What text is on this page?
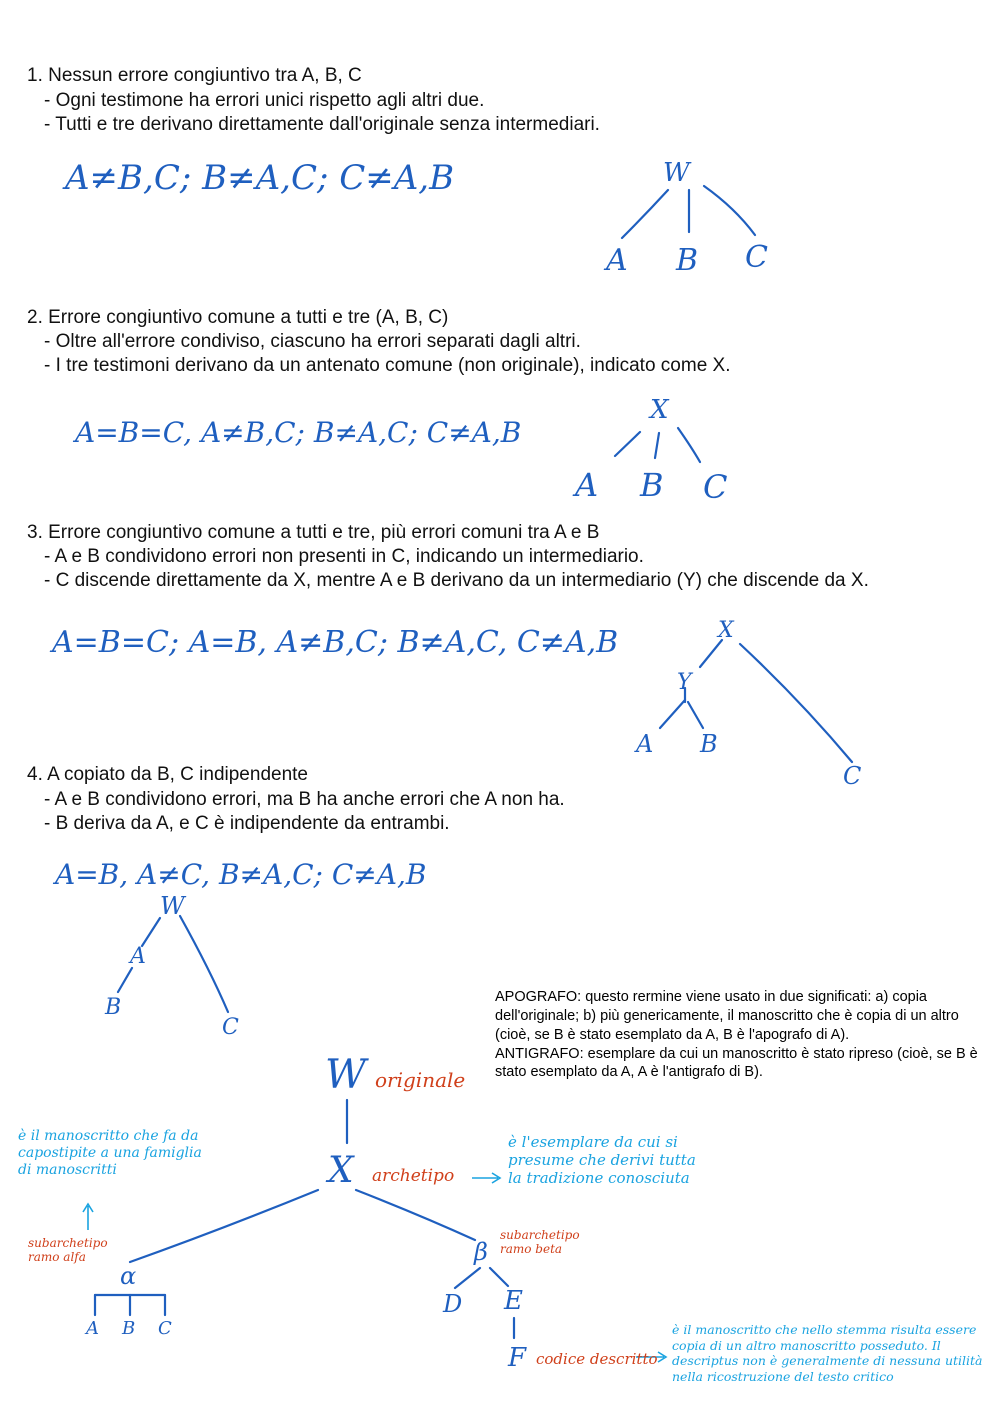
1. Nessun errore congiuntivo tra A, B, C
- Ogni testimone ha errori unici rispetto agli altri due.
- Tutti e tre derivano direttamente dall'originale senza intermediari.
2. Errore congiuntivo comune a tutti e tre (A, B, C)
- Oltre all'errore condiviso, ciascuno ha errori separati dagli altri.
- I tre testimoni derivano da un antenato comune (non originale), indicato come X.
3. Errore congiuntivo comune a tutti e tre, più errori comuni tra A e B
- A e B condividono errori non presenti in C, indicando un intermediario.
- C discende direttamente da X, mentre A e B derivano da un intermediario (Y) che discende da X.
4. A copiato da B, C indipendente
- A e B condividono errori, ma B ha anche errori che A non ha.
- B deriva da A, e C è indipendente da entrambi.
A≠B,C; B≠A,C; C≠A,B
A=B=C, A≠B,C; B≠A,C; C≠A,B
A=B=C; A=B, A≠B,C; B≠A,C, C≠A,B
A=B, A≠C, B≠A,C; C≠A,B
W
A B C
X
A B C
X
Y
A B
C
W
A
B
C
APOGRAFO: questo rermine viene usato in due significati: a) copia dell'originale; b) più genericamente, il manoscritto che è copia di un altro (cioè, se B è stato esemplato da A, B è l'apografo di A).
ANTIGRAFO: esemplare da cui un manoscritto è stato ripreso (cioè, se B è stato esemplato da A, A è l'antigrafo di B).
W originale
X archetipo
è l'esemplare da cui si presume che derivi tutta la tradizione conosciuta
è il manoscritto che fa da capostipite a una famiglia di manoscritti
subarchetipo ramo alfa
α
A B C
β
subarchetipo ramo beta
D E
F codice descritto
è il manoscritto che nello stemma risulta essere copia di un altro manoscritto posseduto. Il descriptus non è generalmente di nessuna utilità nella ricostruzione del testo critico
